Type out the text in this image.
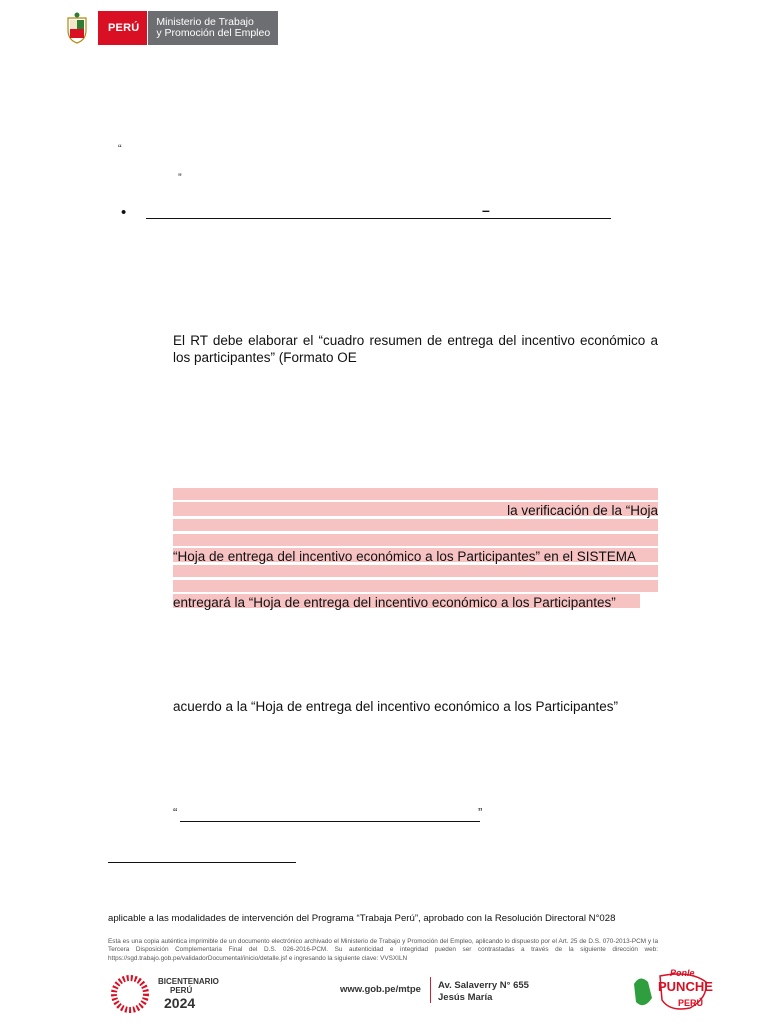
PERÚ
Ministerio de Trabajo
y Promoción del Empleo
“
”
•	–
El RT debe elaborar el “cuadro resumen de entrega del incentivo económico a los participantes” (Formato OE
la verificación de la “Hoja
“Hoja de entrega del incentivo económico a los Participantes” en el SISTEMA
entregará la “Hoja de entrega del incentivo económico a los Participantes”
acuerdo a la “Hoja de entrega del incentivo económico a los Participantes”
“	”
aplicable a las modalidades de intervención del Programa “Trabaja Perú”, aprobado con la Resolución Directoral N°028
Esta es una copia auténtica imprimible de un documento electrónico archivado el Ministerio de Trabajo y Promoción del Empleo, aplicando lo dispuesto por el Art. 25 de D.S. 070-2013-PCM y la Tercera Disposición Complementaria Final del D.S. 026-2016-PCM. Su autenticidad e integridad pueden ser contrastadas a través de la siguiente dirección web: https://sgd.trabajo.gob.pe/validadorDocumental/inicio/detalle.jsf e ingresando la siguiente clave: VVSXILN
BICENTENARIO
PERÚ
2024
www.gob.pe/mtpe Av. Salaverry N° 655
Jesús María
Ponle
PUNCHE
PERÚ
